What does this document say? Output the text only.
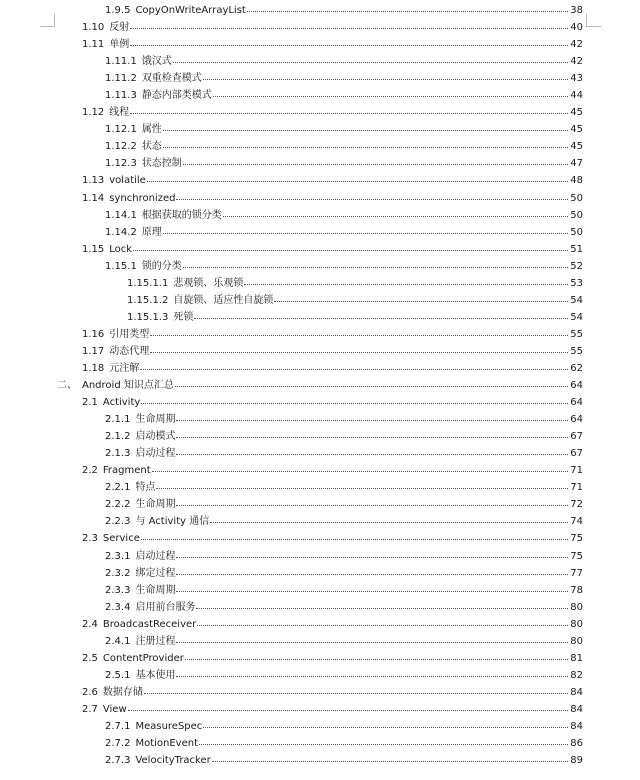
1.9.5 CopyOnWriteArrayList	38
1.10 反射	40
1.11 单例	42
1.11.1 饿汉式	42
1.11.2 双重检查模式	43
1.11.3 静态内部类模式	44
1.12 线程	45
1.12.1 属性	45
1.12.2 状态	45
1.12.3 状态控制	47
1.13 volatile	48
1.14 synchronized	50
1.14.1 根据获取的锁分类	50
1.14.2 原理	50
1.15 Lock	51
1.15.1 锁的分类	52
1.15.1.1 悲观锁、乐观锁	53
1.15.1.2 自旋锁、适应性自旋锁	54
1.15.1.3 死锁	54
1.16 引用类型	55
1.17 动态代理	55
1.18 元注解	62
二、 Android 知识点汇总	64
2.1 Activity	64
2.1.1 生命周期	64
2.1.2 启动模式	67
2.1.3 启动过程	67
2.2 Fragment	71
2.2.1 特点	71
2.2.2 生命周期	72
2.2.3 与 Activity 通信	74
2.3 Service	75
2.3.1 启动过程	75
2.3.2 绑定过程	77
2.3.3 生命周期	78
2.3.4 启用前台服务	80
2.4 BroadcastReceiver	80
2.4.1 注册过程	80
2.5 ContentProvider	81
2.5.1 基本使用	82
2.6 数据存储	84
2.7 View	84
2.7.1 MeasureSpec	84
2.7.2 MotionEvent	86
2.7.3 VelocityTracker	89
